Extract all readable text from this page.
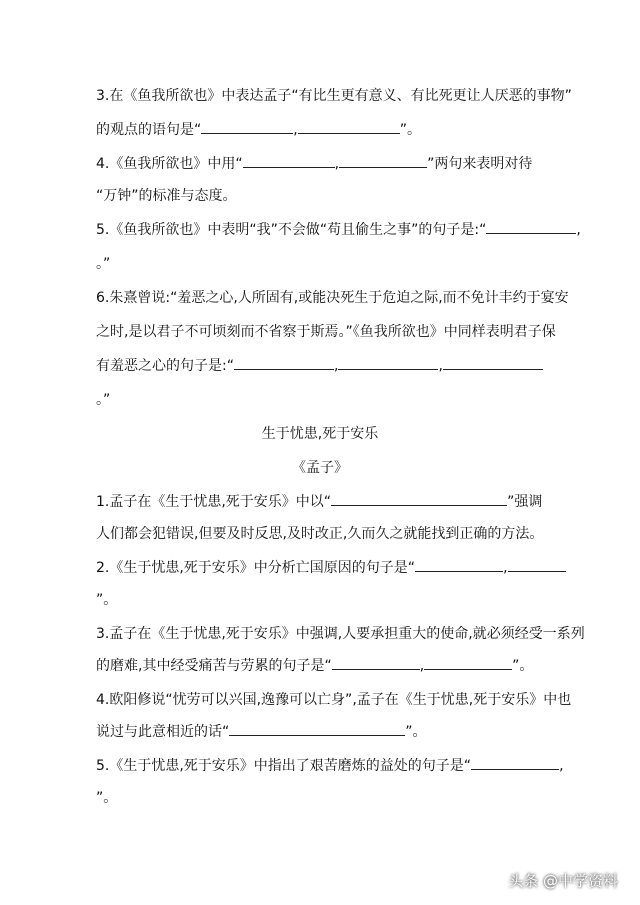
3.在《鱼我所欲也》中表达孟子“有比生更有意义、有比死更让人厌恶的事物”
的观点的语句是“	,	”。
4.《鱼我所欲也》中用“	,	”两句来表明对待
“万钟”的标准与态度。
5.《鱼我所欲也》中表明“我”不会做“苟且偷生之事”的句子是:“	,
。”
6.朱熹曾说:“羞恶之心,人所固有,或能决死生于危迫之际,而不免计丰约于宴安
之时,是以君子不可顷刻而不省察于斯焉。”《鱼我所欲也》中同样表明君子保
有羞恶之心的句子是:“	,	,
。”
生于忧患,死于安乐
《孟子》
1.孟子在《生于忧患,死于安乐》中以“	”强调
人们都会犯错误,但要及时反思,及时改正,久而久之就能找到正确的方法。
2.《生于忧患,死于安乐》中分析亡国原因的句子是“	,
”。
3.孟子在《生于忧患,死于安乐》中强调,人要承担重大的使命,就必须经受一系列
的磨难,其中经受痛苦与劳累的句子是“	,	”。
4.欧阳修说“忧劳可以兴国,逸豫可以亡身”,孟子在《生于忧患,死于安乐》中也
说过与此意相近的话“	”。
5.《生于忧患,死于安乐》中指出了艰苦磨炼的益处的句子是“	,
”。
头条 @中学资料
